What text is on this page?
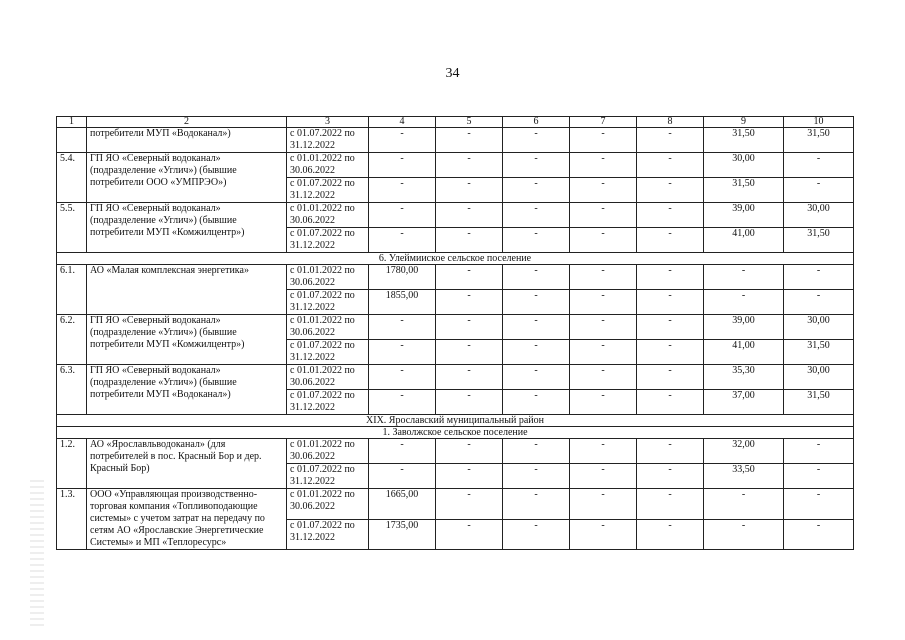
34
1	2	3	4	5	6	7	8	9	10
	потребители МУП «Водоканал»)	с 01.07.2022 по 31.12.2022	-	-	-	-	-	31,50	31,50
5.4.	ГП ЯО «Северный водоканал» (подразделение «Углич») (бывшие потребители ООО «УМПРЭО»)	с 01.01.2022 по 30.06.2022	-	-	-	-	-	30,00	-
		с 01.07.2022 по 31.12.2022	-	-	-	-	-	31,50	-
5.5.	ГП ЯО «Северный водоканал» (подразделение «Углич») (бывшие потребители МУП «Комжилцентр»)	с 01.01.2022 по 30.06.2022	-	-	-	-	-	39,00	30,00
		с 01.07.2022 по 31.12.2022	-	-	-	-	-	41,00	31,50
6. Улеймииское сельское поселение									
6.1.	АО «Малая комплексная энергетика»	с 01.01.2022 по 30.06.2022	1780,00	-	-	-	-	-	-
		с 01.07.2022 по 31.12.2022	1855,00	-	-	-	-	-	-
6.2.	ГП ЯО «Северный водоканал» (подразделение «Углич») (бывшие потребители МУП «Комжилцентр»)	с 01.01.2022 по 30.06.2022	-	-	-	-	-	39,00	30,00
		с 01.07.2022 по 31.12.2022	-	-	-	-	-	41,00	31,50
6.3.	ГП ЯО «Северный водоканал» (подразделение «Углич») (бывшие потребители МУП «Водоканал»)	с 01.01.2022 по 30.06.2022	-	-	-	-	-	35,30	30,00
		с 01.07.2022 по 31.12.2022	-	-	-	-	-	37,00	31,50
XIX. Ярославский муниципальный район									
1. Заволжское сельское поселение									
1.2.	АО «Ярославльводоканал» (для потребителей в пос. Красный Бор и дер. Красный Бор)	с 01.01.2022 по 30.06.2022	-	-	-	-	-	32,00	-
		с 01.07.2022 по 31.12.2022	-	-	-	-	-	33,50	-
1.3.	ООО «Управляющая производственно-торговая компания «Топливоподающие системы» с учетом затрат на передачу по сетям АО «Ярославские Энергетические Системы» и МП «Теплоресурс»	с 01.01.2022 по 30.06.2022	1665,00	-	-	-	-	-	-
		с 01.07.2022 по 31.12.2022	1735,00	-	-	-	-	-	-
